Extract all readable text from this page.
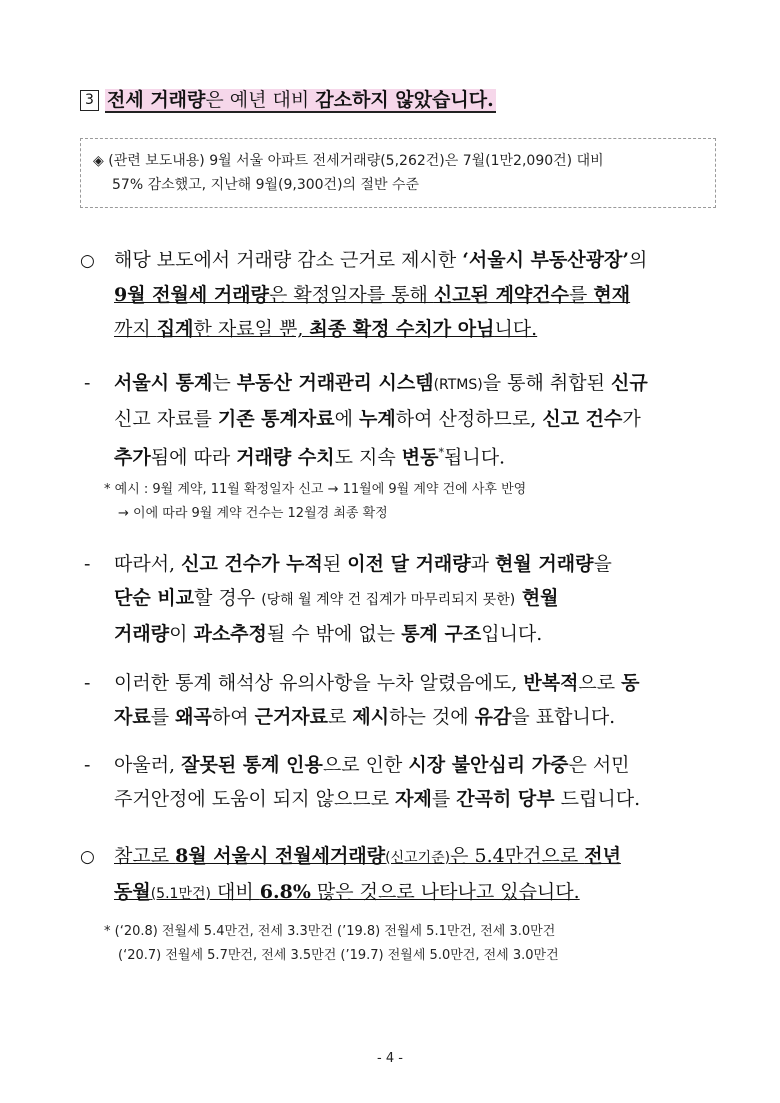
3 전세 거래량은 예년 대비 감소하지 않았습니다.
◈ (관련 보도내용) 9월 서울 아파트 전세거래량(5,262건)은 7월(1만2,090건) 대비
57% 감소했고, 지난해 9월(9,300건)의 절반 수준
○ 해당 보도에서 거래량 감소 근거로 제시한 ‘서울시 부동산광장’의
9월 전월세 거래량은 확정일자를 통해 신고된 계약건수를 현재
까지 집계한 자료일 뿐, 최종 확정 수치가 아님니다.
- 서울시 통계는 부동산 거래관리 시스템(RTMS)을 통해 취합된 신규
신고 자료를 기존 통계자료에 누계하여 산정하므로, 신고 건수가
추가됨에 따라 거래량 수치도 지속 변동*됩니다.
* 예시 : 9월 계약, 11월 확정일자 신고 → 11월에 9월 계약 건에 사후 반영
→ 이에 따라 9월 계약 건수는 12월경 최종 확정
- 따라서, 신고 건수가 누적된 이전 달 거래량과 현월 거래량을
단순 비교할 경우 (당해 월 계약 건 집계가 마무리되지 못한) 현월
거래량이 과소추정될 수 밖에 없는 통계 구조입니다.
- 이러한 통계 해석상 유의사항을 누차 알렸음에도, 반복적으로 동
자료를 왜곡하여 근거자료로 제시하는 것에 유감을 표합니다.
- 아울러, 잘못된 통계 인용으로 인한 시장 불안심리 가중은 서민
주거안정에 도움이 되지 않으므로 자제를 간곡히 당부 드립니다.
○ 참고로 8월 서울시 전월세거래량(신고기준)은 5.4만건으로 전년
동월(5.1만건) 대비 6.8% 많은 것으로 나타나고 있습니다.
* (‘20.8) 전월세 5.4만건, 전세 3.3만건 (’19.8) 전월세 5.1만건, 전세 3.0만건
(‘20.7) 전월세 5.7만건, 전세 3.5만건 (’19.7) 전월세 5.0만건, 전세 3.0만건
- 4 -
